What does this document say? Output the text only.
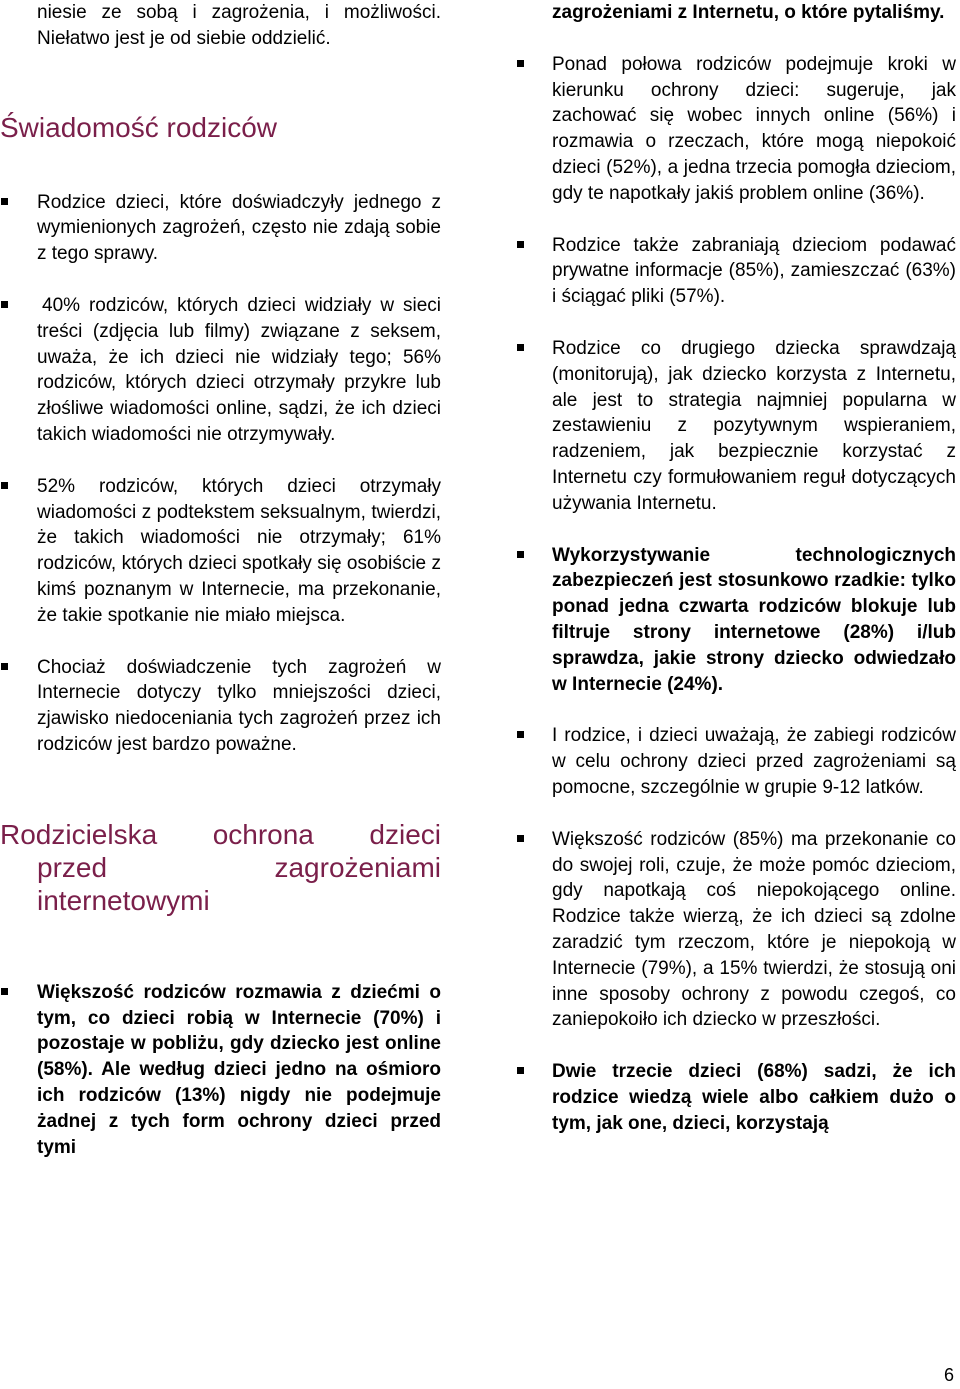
niesie ze sobą i zagrożenia, i możliwości. Niełatwo jest je od siebie oddzielić.

Świadomość rodziców
Rodzice dzieci, które doświadczyły jednego z wymienionych zagrożeń, często nie zdają sobie z tego sprawy.
40% rodziców, których dzieci widziały w sieci treści (zdjęcia lub filmy) związane z seksem, uważa, że ich dzieci nie widziały tego; 56% rodziców, których dzieci otrzymały przykre lub złośliwe wiadomości online, sądzi, że ich dzieci takich wiadomości nie otrzymywały.
52% rodziców, których dzieci otrzymały wiadomości z podtekstem seksualnym, twierdzi, że takich wiadomości nie otrzymały; 61% rodziców, których dzieci spotkały się osobiście z kimś poznanym w Internecie, ma przekonanie, że takie spotkanie nie miało miejsca.
Chociaż doświadczenie tych zagrożeń w Internecie dotyczy tylko mniejszości dzieci, zjawisko niedoceniania tych zagrożeń przez ich rodziców jest bardzo poważne.
Rodzicielska ochrona dzieci
przed zagrożeniami
internetowymi
Większość rodziców rozmawia z dziećmi o tym, co dzieci robią w Internecie (70%) i pozostaje w pobliżu, gdy dziecko jest online (58%). Ale według dzieci jedno na ośmioro ich rodziców (13%) nigdy nie podejmuje żadnej z tych form ochrony dzieci przed tymi

zagrożeniami z Internetu, o które pytaliśmy.

Ponad połowa rodziców podejmuje kroki w kierunku ochrony dzieci: sugeruje, jak zachować się wobec innych online (56%) i rozmawia o rzeczach, które mogą niepokoić dzieci (52%), a jedna trzecia pomogła dzieciom, gdy te napotkały jakiś problem online (36%).
Rodzice także zabraniają dzieciom podawać prywatne informacje (85%), zamieszczać (63%) i ściągać pliki (57%).
Rodzice co drugiego dziecka sprawdzają (monitorują), jak dziecko korzysta z Internetu, ale jest to strategia najmniej popularna w zestawieniu z pozytywnym wspieraniem, radzeniem, jak bezpiecznie korzystać z Internetu czy formułowaniem reguł dotyczących używania Internetu.
Wykorzystywanie technologicznych zabezpieczeń jest stosunkowo rzadkie: tylko ponad jedna czwarta rodziców blokuje lub filtruje strony internetowe (28%) i/lub sprawdza, jakie strony dziecko odwiedzało w Internecie (24%).
I rodzice, i dzieci uważają, że zabiegi rodziców w celu ochrony dzieci przed zagrożeniami są pomocne, szczególnie w grupie 9-12 latków.
Większość rodziców (85%) ma przekonanie co do swojej roli, czuje, że może pomóc dzieciom, gdy napotkają coś niepokojącego online. Rodzice także wierzą, że ich dzieci są zdolne zaradzić tym rzeczom, które je niepokoją w Internecie (79%), a 15% twierdzi, że stosują oni inne sposoby ochrony z powodu czegoś, co zaniepokoiło ich dziecko w przeszłości.
Dwie trzecie dzieci (68%) sadzi, że ich rodzice wiedzą wiele albo całkiem dużo o tym, jak one, dzieci, korzystają
6
